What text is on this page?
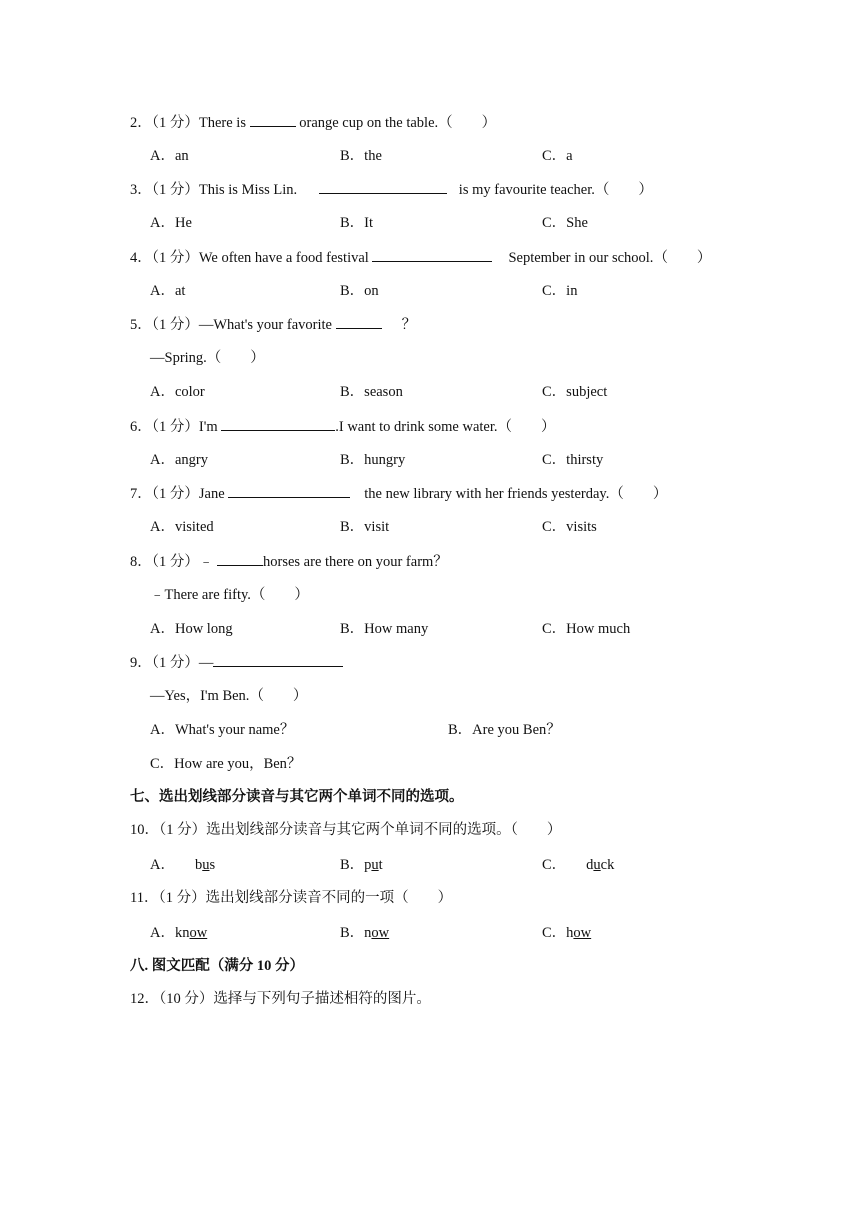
2．（1 分）There is	orange cup on the table.（　　）
A．an	B．the	C．a
3．（1 分）This is Miss Lin.	is my favourite teacher.（　　）
A．He	B．It	C．She
4．（1 分）We often have a food festival	September in our school.（　　）
A．at	B．on	C．in
5．（1 分）—What's your favorite	？
—Spring.（　　）
A．color	B．season	C．subject
6．（1 分）I'm	.I want to drink some water.（　　）
A．angry	B．hungry	C．thirsty
7．（1 分）Jane	the new library with her friends yesterday.（　　）
A．visited	B．visit	C．visits
8．（1 分）﹣	horses are there on your farm？
﹣There are fifty.（　　）
A．How long	B．How many	C．How much
9．（1 分）—
—Yes，I'm Ben.（　　）
A．What's your name？	B．Are you Ben？
C．How are you，Ben？
七、选出划线部分读音与其它两个单词不同的选项。
10．（1 分）选出划线部分读音与其它两个单词不同的选项。（　　）
A． bus	B．put	C． duck
11．（1 分）选出划线部分读音不同的一项（　　）
A．know	B．now	C．how
八. 图文匹配（满分 10 分）
12．（10 分）选择与下列句子描述相符的图片。
